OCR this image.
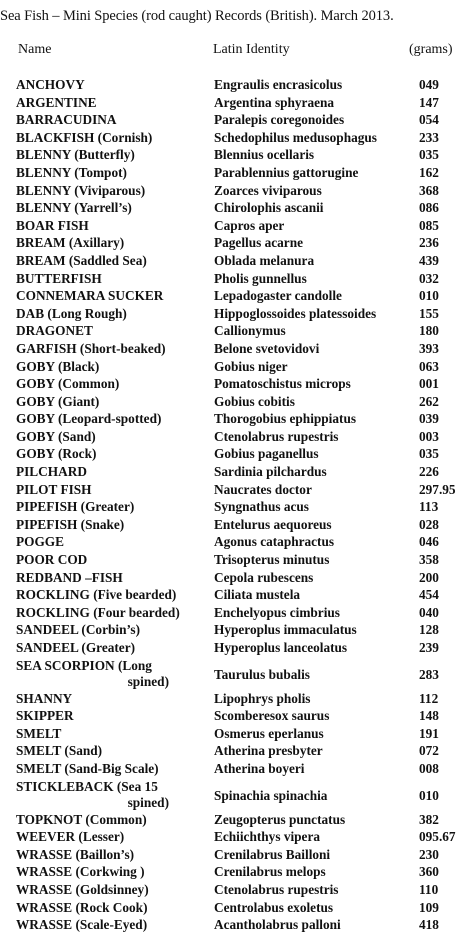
Sea Fish – Mini Species (rod caught) Records (British). March 2013.
Name	Latin Identity	(grams)
ANCHOVY	Engraulis encrasicolus	049
ARGENTINE	Argentina sphyraena	147
BARRACUDINA	Paralepis coregonoides	054
BLACKFISH (Cornish)	Schedophilus medusophagus	233
BLENNY (Butterfly)	Blennius ocellaris	035
BLENNY (Tompot)	Parablennius gattorugine	162
BLENNY (Viviparous)	Zoarces viviparous	368
BLENNY (Yarrell’s)	Chirolophis ascanii	086
BOAR FISH	Capros aper	085
BREAM (Axillary)	Pagellus acarne	236
BREAM (Saddled Sea)	Oblada melanura	439
BUTTERFISH	Pholis gunnellus	032
CONNEMARA SUCKER	Lepadogaster candolle	010
DAB (Long Rough)	Hippoglossoides platessoides	155
DRAGONET	Callionymus	180
GARFISH (Short-beaked)	Belone svetovidovi	393
GOBY (Black)	Gobius niger	063
GOBY (Common)	Pomatoschistus microps	001
GOBY (Giant)	Gobius cobitis	262
GOBY (Leopard-spotted)	Thorogobius ephippiatus	039
GOBY (Sand)	Ctenolabrus rupestris	003
GOBY (Rock)	Gobius paganellus	035
PILCHARD	Sardinia pilchardus	226
PILOT FISH	Naucrates doctor	297.95
PIPEFISH (Greater)	Syngnathus acus	113
PIPEFISH (Snake)	Entelurus aequoreus	028
POGGE	Agonus cataphractus	046
POOR COD	Trisopterus minutus	358
REDBAND –FISH	Cepola rubescens	200
ROCKLING (Five bearded)	Ciliata mustela	454
ROCKLING (Four bearded)	Enchelyopus cimbrius	040
SANDEEL (Corbin’s)	Hyperoplus immaculatus	128
SANDEEL (Greater)	Hyperoplus lanceolatus	239
SEA SCORPION (Long
spined)	Taurulus bubalis	283
SHANNY	Lipophrys pholis	112
SKIPPER	Scomberesox saurus	148
SMELT	Osmerus eperlanus	191
SMELT (Sand)	Atherina presbyter	072
SMELT (Sand-Big Scale)	Atherina boyeri	008
STICKLEBACK (Sea 15
spined)	Spinachia spinachia	010
TOPKNOT (Common)	Zeugopterus punctatus	382
WEEVER (Lesser)	Echiichthys vipera	095.67
WRASSE (Baillon’s)	Crenilabrus Bailloni	230
WRASSE (Corkwing )	Crenilabrus melops	360
WRASSE (Goldsinney)	Ctenolabrus rupestris	110
WRASSE (Rock Cook)	Centrolabus exoletus	109
WRASSE (Scale-Eyed)	Acantholabrus palloni	418
